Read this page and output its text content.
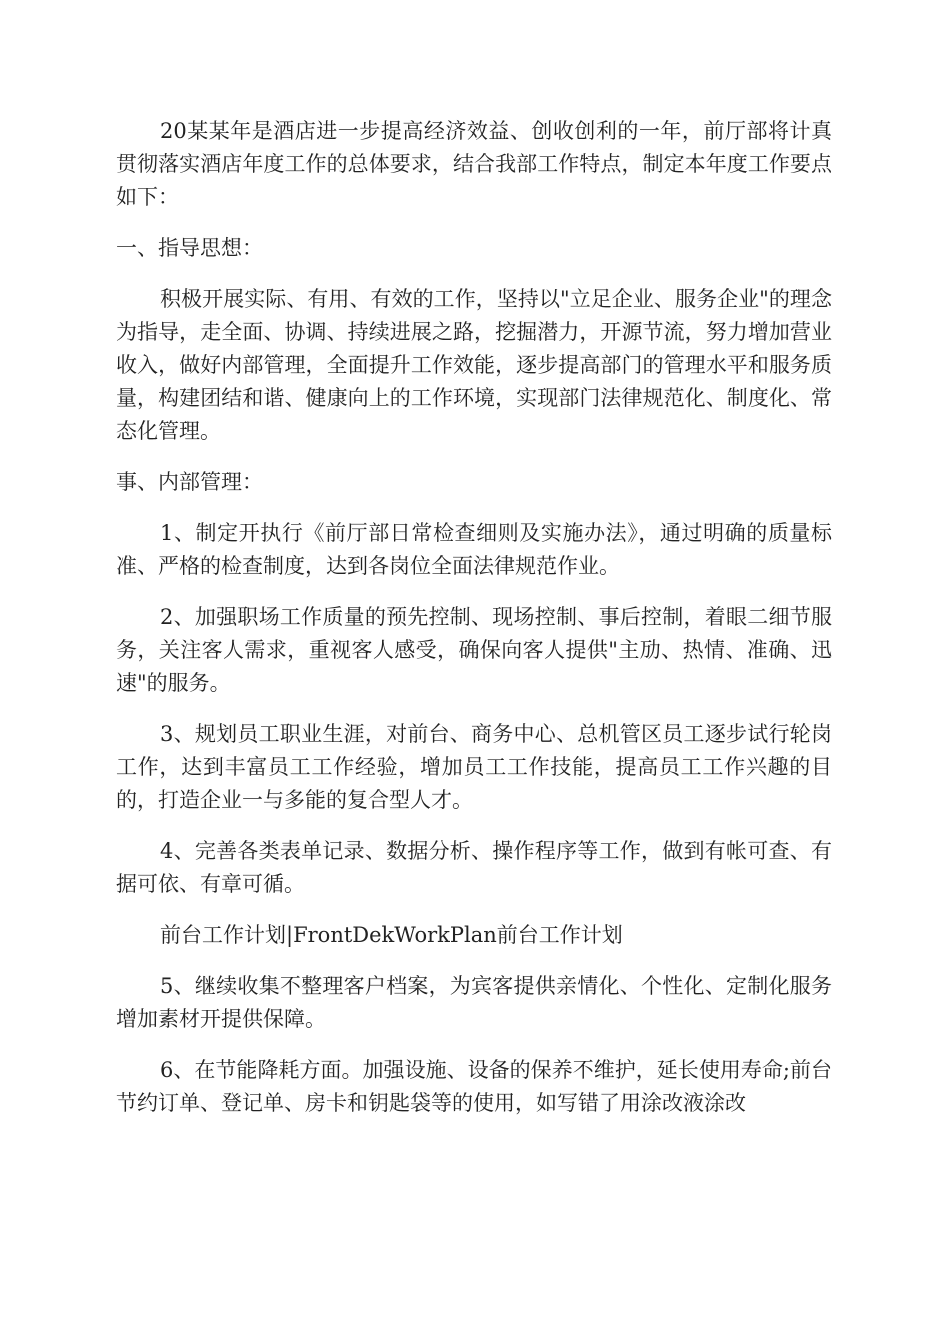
20某某年是酒店进一步提高经济效益、创收创利的一年，前厅部将计真贯彻落实酒店年度工作的总体要求，结合我部工作特点，制定本年度工作要点如下：

一、指导思想：

积极开展实际、有用、有效的工作，坚持以"立足企业、服务企业"的理念为指导，走全面、协调、持续进展之路，挖掘潜力，开源节流，努力增加营业收入，做好内部管理，全面提升工作效能，逐步提高部门的管理水平和服务质量，构建团结和谐、健康向上的工作环境，实现部门法律规范化、制度化、常态化管理。

事、内部管理：

1、制定开执行《前厅部日常检查细则及实施办法》，通过明确的质量标准、严格的检查制度，达到各岗位全面法律规范作业。

2、加强职场工作质量的预先控制、现场控制、事后控制，着眼二细节服务，关注客人需求，重视客人感受，确保向客人提供"主劢、热情、准确、迅速"的服务。

3、规划员工职业生涯，对前台、商务中心、总机管区员工逐步试行轮岗工作，达到丰富员工工作经验，增加员工工作技能，提高员工工作兴趣的目的，打造企业一与多能的复合型人才。

4、完善各类表单记录、数据分析、操作程序等工作，做到有帐可查、有据可依、有章可循。

前台工作计划|FrontDekWorkPlan前台工作计划

5、继续收集不整理客户档案，为宾客提供亲情化、个性化、定制化服务增加素材开提供保障。

6、在节能降耗方面。加强设施、设备的保养不维护，延长使用寿命;前台节约订单、登记单、房卡和钥匙袋等的使用，如写错了用涂改液涂改
